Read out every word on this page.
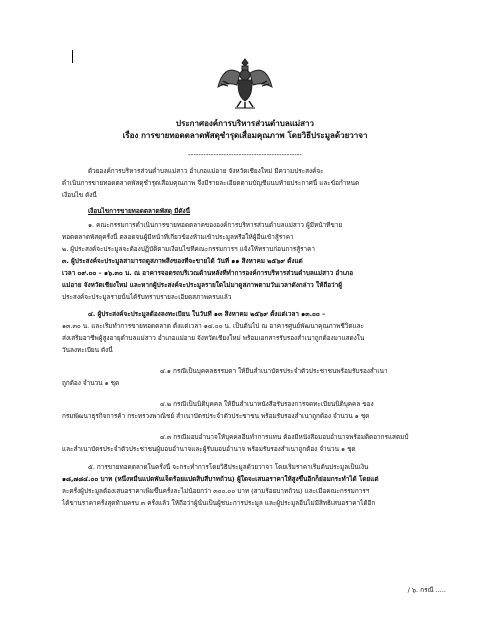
ประกาศองค์การบริหารส่วนตำบลแม่สาว
เรื่อง การขายทอดตลาดพัสดุชำรุดเสื่อมคุณภาพ โดยวิธีประมูลด้วยวาจา
---------------------------------------------
ด้วยองค์การบริหารส่วนตำบลแม่สาว อำเภอแม่อาย จังหวัดเชียงใหม่ มีความประสงค์จะ
ดำเนินการขายทอดตลาดพัสดุชำรุดเสื่อมคุณภาพ จึงมีรายละเอียดตามบัญชีแนบท้ายประกาศนี้ และข้อกำหนด
เงื่อนไข ดังนี้
เงื่อนไขการขายทอดตลาดพัสดุ มีดังนี้
๑. คณะกรรมการดำเนินการขายทอดตลาดขององค์การบริหารส่วนตำบลแม่สาว ผู้มีหน้าที่ขาย
ทอดตลาดพัสดุครั้งนี้ ตลอดจนผู้มีหน้าที่เกี่ยวข้องห้ามเข้าประมูลหรือให้ผู้อื่นเข้าสู้ราคา
๒. ผู้ประสงค์จะประมูลจะต้องปฏิบัติตามเงื่อนไขที่คณะกรรมการฯ แจ้งให้ทราบก่อนการสู้ราคา
๓. ผู้ประสงค์จะประมูลสามารถดูสภาพสิ่งของที่จะขายได้ วันที่ ๑๑ สิงหาคม ๒๕๖๙ ตั้งแต่
เวลา ๐๙.๐๐ – ๑๖.๓๐ น. ณ อาคารจอดรถบริเวณด้านหลังที่ทำการองค์การบริหารส่วนตำบลแม่สาว อำเภอ
แม่อาย จังหวัดเชียงใหม่ และหากผู้ประสงค์จะประมูลรายใดไม่มาดูสภาพตามวันเวลาดังกล่าว ให้ถือว่าผู้
ประสงค์จะประมูลรายนั้นได้รับทราบรายละเอียดสภาพครบแล้ว
๔. ผู้ประสงค์จะประมูลต้องลงทะเบียน ในวันที่ ๑๓ สิงหาคม ๒๕๖๙ ตั้งแต่เวลา ๑๓.๐๐ –
๑๓.๓๐ น. และเริ่มทำการขายทอดตลาด ตั้งแต่เวลา ๑๔.๐๐ น. เป็นต้นไป ณ อาคารศูนย์พัฒนาคุณภาพชีวิตและ
ส่งเสริมอาชีพผู้สูงอายุตำบลแม่สาว อำเภอแม่อาย จังหวัดเชียงใหม่ พร้อมเอกสารรับรองสำเนาถูกต้องมาแสดงใน
วันลงทะเบียน ดังนี้
๔.๑ กรณีเป็นบุคคลธรรมดา ให้ยื่นสำเนาบัตรประจำตัวประชาชนพร้อมรับรองสำเนา
ถูกต้อง จำนวน ๑ ชุด
๔.๒ กรณีเป็นนิติบุคคล ให้ยื่นสำเนาหนังสือรับรองการจดทะเบียนนิติบุคคล ของ
กรมพัฒนาธุรกิจการค้า กระทรวงพาณิชย์ สำเนาบัตรประจำตัวประชาชน พร้อมรับรองสำเนาถูกต้อง จำนวน ๑ ชุด
๔.๓ กรณีมอบอำนาจให้บุคคลอื่นทำการแทน ต้องมีหนังสือมอบอำนาจพร้อมติดอากรแสตมป์
และสำเนาบัตรประจำตัวประชาชนผู้มอบอำนาจและผู้รับมอบอำนาจ พร้อมรับรองสำเนาถูกต้อง จำนวน ๑ ชุด
๕. การขายทอดตลาดในครั้งนี้ จะกระทำการโดยวิธีประมูลด้วยวาจา โดยเริ่มราคาเริ่มต้นประมูลเป็นเงิน
๑๘,๗๘๔.๐๐ บาท (หนึ่งหมื่นแปดพันเจ็ดร้อยแปดสิบสี่บาทถ้วน) ผู้ใดจะเสนอราคาให้สูงขึ้นอีกก็ย่อมกระทำได้ โดยแต่
ละครั้งผู้ประมูลต้องเสนอราคาเพิ่มขึ้นครั้งละไม่น้อยกว่า ๓๐๐.๐๐ บาท (สามร้อยบาทถ้วน) และเมื่อคณะกรรมการฯ
ได้ขานราคาครั้งสุดท้ายครบ ๓ ครั้งแล้ว ให้ถือว่าผู้นั้นเป็นผู้ชนะการประมูล และผู้ประมูลอื่นไม่มีสิทธิเสนอราคาได้อีก
/ ๖. กรณี .....
